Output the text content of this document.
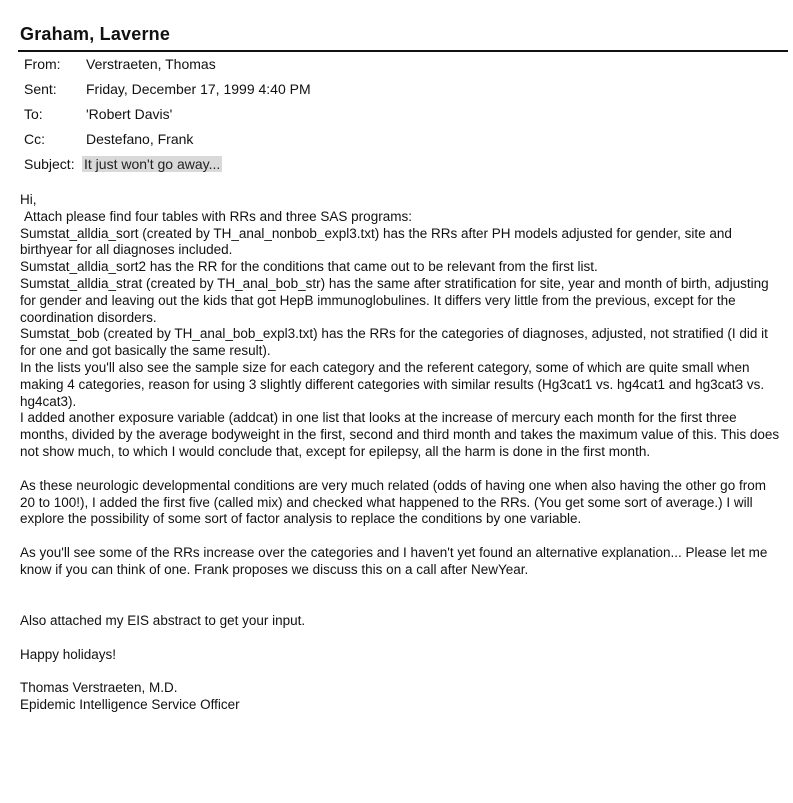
Graham, Laverne
From: Verstraeten, Thomas
Sent: Friday, December 17, 1999 4:40 PM
To:	'Robert Davis'
Cc:	Destefano, Frank
Subject: It just won't go away...

Hi,

Attach please find four tables with RRs and three SAS programs:

Sumstat_alldia_sort (created by TH_anal_nonbob_expl3.txt) has the RRs after PH models adjusted for gender, site and birthyear for all diagnoses included.

Sumstat_alldia_sort2 has the RR for the conditions that came out to be relevant from the first list.

Sumstat_alldia_strat (created by TH_anal_bob_str) has the same after stratification for site, year and month of birth, adjusting for gender and leaving out the kids that got HepB immunoglobulines. It differs very little from the previous, except for the coordination disorders.

Sumstat_bob (created by TH_anal_bob_expl3.txt) has the RRs for the categories of diagnoses, adjusted, not stratified (I did it for one and got basically the same result).

In the lists you'll also see the sample size for each category and the referent category, some of which are quite small when making 4 categories, reason for using 3 slightly different categories with similar results (Hg3cat1 vs. hg4cat1 and hg3cat3 vs. hg4cat3).

I added another exposure variable (addcat) in one list that looks at the increase of mercury each month for the first three months, divided by the average bodyweight in the first, second and third month and takes the maximum value of this. This does not show much, to which I would conclude that, except for epilepsy, all the harm is done in the first month.

As these neurologic developmental conditions are very much related (odds of having one when also having the other go from 20 to 100!), I added the first five (called mix) and checked what happened to the RRs. (You get some sort of average.) I will explore the possibility of some sort of factor analysis to replace the conditions by one variable.

As you'll see some of the RRs increase over the categories and I haven't yet found an alternative explanation... Please let me know if you can think of one. Frank proposes we discuss this on a call after NewYear.

Also attached my EIS abstract to get your input.

Happy holidays!

Thomas Verstraeten, M.D.

Epidemic Intelligence Service Officer
